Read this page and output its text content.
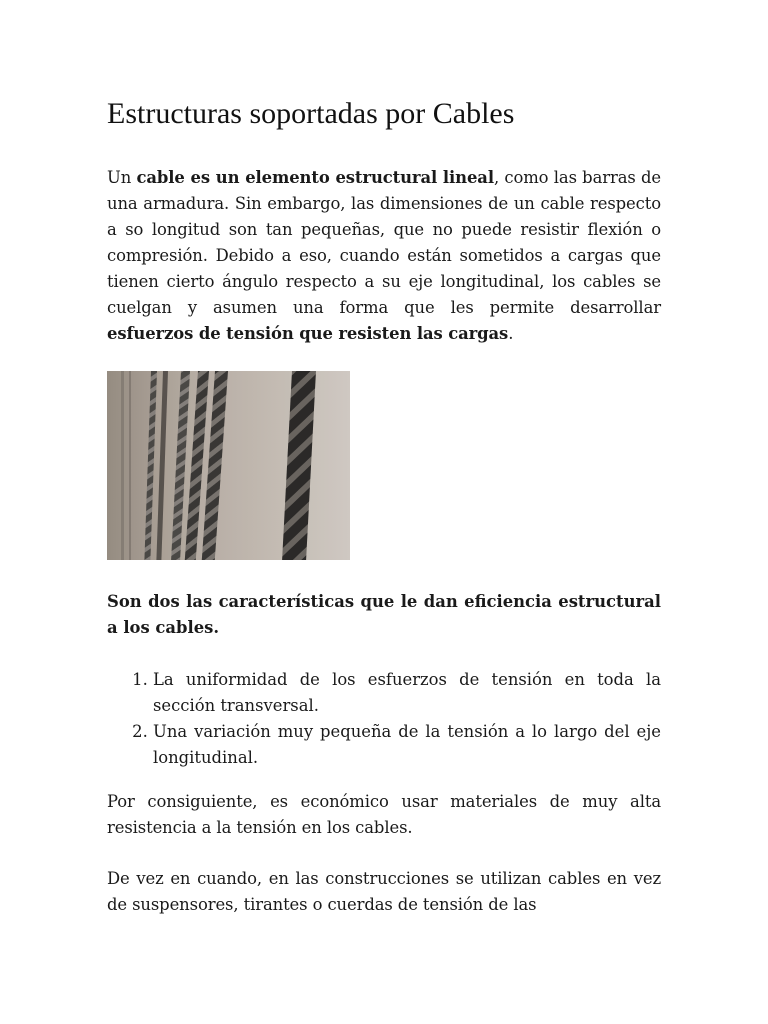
Estructuras soportadas por Cables

Un cable es un elemento estructural lineal, como las barras de una armadura. Sin embargo, las dimensiones de un cable respecto a so longitud son tan pequeñas, que no puede resistir flexión o compresión. Debido a eso, cuando están sometidos a cargas que tienen cierto ángulo respecto a su eje longitudinal, los cables se cuelgan y asumen una forma que les permite desarrollar esfuerzos de tensión que resisten las cargas.

Son dos las características que le dan eficiencia estructural a los cables.

1. La uniformidad de los esfuerzos de tensión en toda la sección transversal.
2. Una variación muy pequeña de la tensión a lo largo del eje longitudinal.

Por consiguiente, es económico usar materiales de muy alta resistencia a la tensión en los cables.

De vez en cuando, en las construcciones se utilizan cables en vez de suspensores, tirantes o cuerdas de tensión de las
